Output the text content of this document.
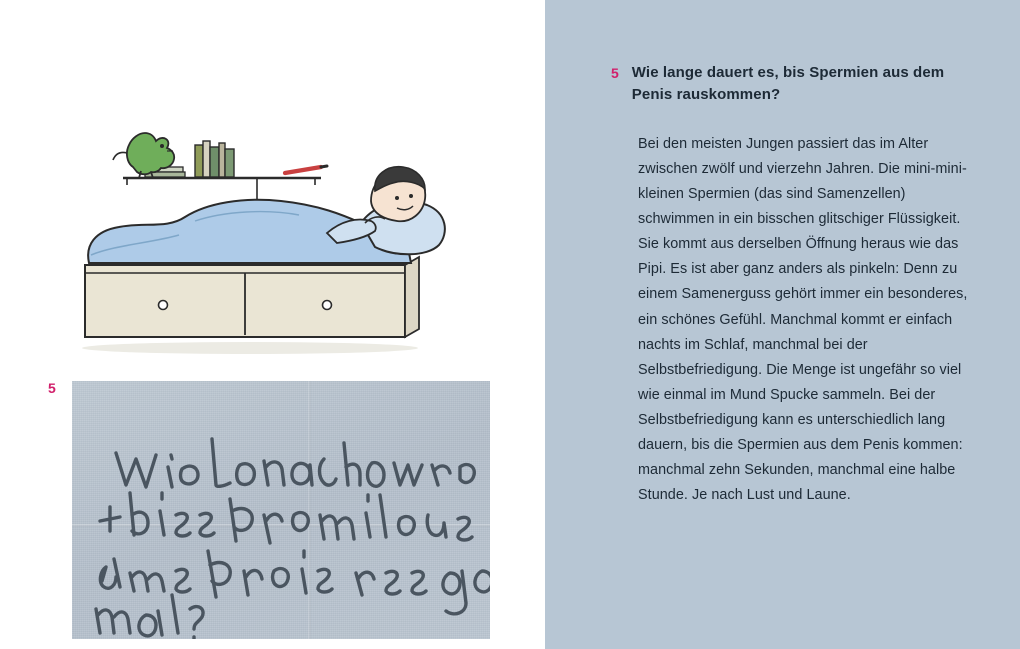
5
5 Wie lange dauert es, bis Spermien aus dem Penis rauskommen?
Bei den meisten Jungen passiert das im Alter zwischen zwölf und vierzehn Jahren. Die mini-mini-kleinen Spermien (das sind Samenzellen) schwimmen in ein bisschen glitschiger Flüssigkeit. Sie kommt aus derselben Öffnung heraus wie das Pipi. Es ist aber ganz anders als pinkeln: Denn zu einem Samenerguss gehört immer ein besonderes, ein schönes Gefühl. Manchmal kommt er einfach nachts im Schlaf, manchmal bei der Selbstbefriedigung. Die Menge ist ungefähr so viel wie einmal im Mund Spucke sammeln. Bei der Selbstbefriedigung kann es unterschiedlich lang dauern, bis die Spermien aus dem Penis kommen: manchmal zehn Sekunden, manchmal eine halbe Stunde. Je nach Lust und Laune.
